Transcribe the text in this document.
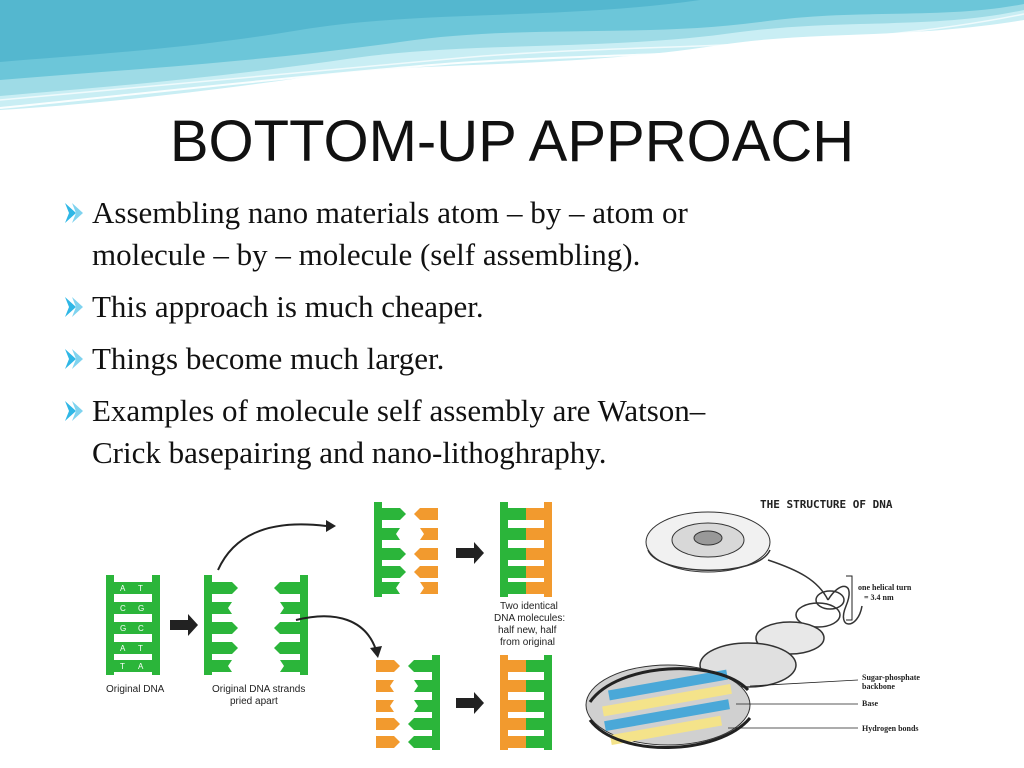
BOTTOM-UP APPROACH
Assembling nano materials atom – by – atom or
molecule – by – molecule (self assembling).
This approach is much cheaper.
Things become much larger.
Examples of molecule self assembly are Watson–
Crick basepairing and nano-lithoghraphy.
A T
C G
G C
A T
T A
Original DNA	Original DNA strands
pried apart
Two identical
DNA molecules:
half new, half
from original
THE STRUCTURE OF DNA
one helical turn
= 3.4 nm
Sugar-phosphate
backbone
Base
Hydrogen bonds
